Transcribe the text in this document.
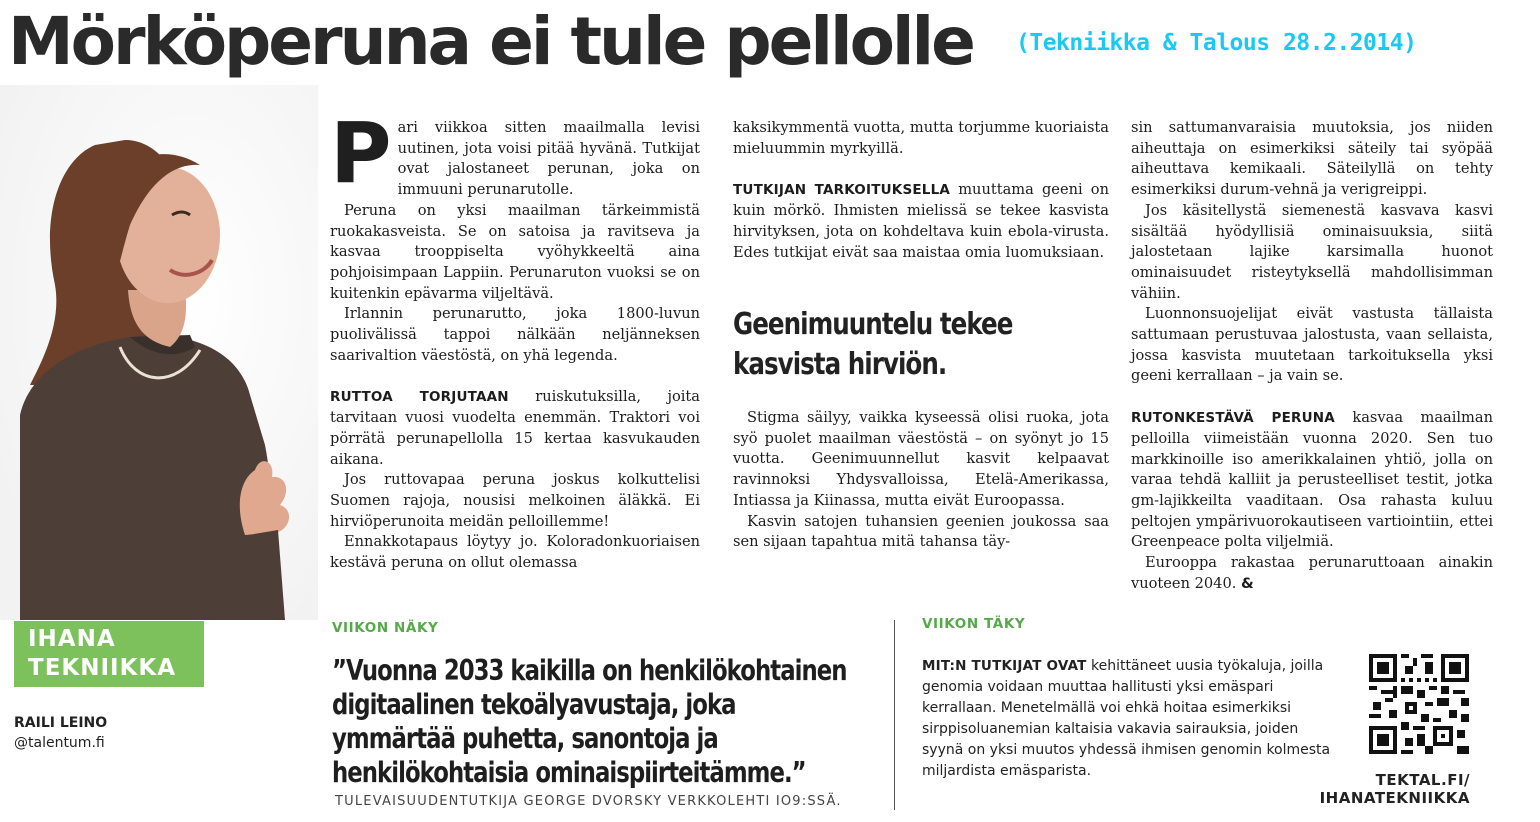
Mörköperuna ei tule pellolle	(Tekniikka & Talous 28.2.2014)
P ari viikkoa sitten maailmalla levisi uutinen, jota voisi pitää hyvänä. Tutkijat ovat jalostaneet perunan, joka on immuuni perunarutolle.

Peruna on yksi maailman tärkeimmistä ruokakasveista. Se on satoisa ja ravitseva ja kasvaa trooppiselta vyöhykkeeltä aina pohjoisimpaan Lappiin. Perunaruton vuoksi se on kuitenkin epävarma viljeltävä.

Irlannin perunarutto, joka 1800-luvun puolivälissä tappoi nälkään neljänneksen saarivaltion väestöstä, on yhä legenda.

RUTTOA TORJUTAAN ruiskutuksilla, joita tarvitaan vuosi vuodelta enemmän. Traktori voi pörrätä perunapellolla 15 kertaa kasvukauden aikana.

Jos ruttovapaa peruna joskus kolkuttelisi Suomen rajoja, nousisi melkoinen äläkkä. Ei hirviöperunoita meidän pelloillemme!

Ennakkotapaus löytyy jo. Koloradonkuoriaisen kestävä peruna on ollut olemassa

kaksikymmentä vuotta, mutta torjumme kuoriaista mieluummin myrkyillä.

TUTKIJAN TARKOITUKSELLA muuttama geeni on kuin mörkö. Ihmisten mielissä se tekee kasvista hirvityksen, jota on kohdeltava kuin ebola-virusta. Edes tutkijat eivät saa maistaa omia luomuksiaan.

Geenimuuntelu tekee kasvista hirviön.

Stigma säilyy, vaikka kyseessä olisi ruoka, jota syö puolet maailman väestöstä – on syönyt jo 15 vuotta. Geenimuunnellut kasvit kelpaavat ravinnoksi Yhdysvalloissa, Etelä-Amerikassa, Intiassa ja Kiinassa, mutta eivät Euroopassa.

Kasvin satojen tuhansien geenien joukossa saa sen sijaan tapahtua mitä tahansa täy-

sin sattumanvaraisia muutoksia, jos niiden aiheuttaja on esimerkiksi säteily tai syöpää aiheuttava kemikaali. Säteilyllä on tehty esimerkiksi durum-vehnä ja verigreippi.

Jos käsitellystä siemenestä kasvava kasvi sisältää hyödyllisiä ominaisuuksia, siitä jalostetaan lajike karsimalla huonot ominaisuudet risteytyksellä mahdollisimman vähiin.

Luonnonsuojelijat eivät vastusta tällaista sattumaan perustuvaa jalostusta, vaan sellaista, jossa kasvista muutetaan tarkoituksella yksi geeni kerrallaan – ja vain se.

RUTONKESTÄVÄ PERUNA kasvaa maailman pelloilla viimeistään vuonna 2020. Sen tuo markkinoille iso amerikkalainen yhtiö, jolla on varaa tehdä kalliit ja perusteelliset testit, jotka gm-lajikkeilta vaaditaan. Osa rahasta kuluu peltojen ympärivuorokautiseen vartiointiin, ettei Greenpeace polta viljelmiä.

Eurooppa rakastaa perunaruttoaan ainakin vuoteen 2040. &

IHANA
TEKNIIKKA
RAILI LEINO
@talentum.fi
VIIKON NÄKY
”Vuonna 2033 kaikilla on henkilökohtainen digitaalinen tekoälyavustaja, joka ymmärtää puhetta, sanontoja ja henkilökohtaisia ominaispiirteitämme.”
TULEVAISUUDENTUTKIJA GEORGE DVORSKY VERKKOLEHTI IO9:SSÄ.
VIIKON TÄKY
MIT:N TUTKIJAT OVAT kehittäneet uusia työkaluja, joilla genomia voidaan muuttaa hallitusti yksi emäspari kerrallaan. Menetelmällä voi ehkä hoitaa esimerkiksi sirppisoluanemian kaltaisia vakavia sairauksia, joiden syynä on yksi muutos yhdessä ihmisen genomin kolmesta miljardista emäsparista.	TEKTAL.FI/
IHANATEKNIIKKA
